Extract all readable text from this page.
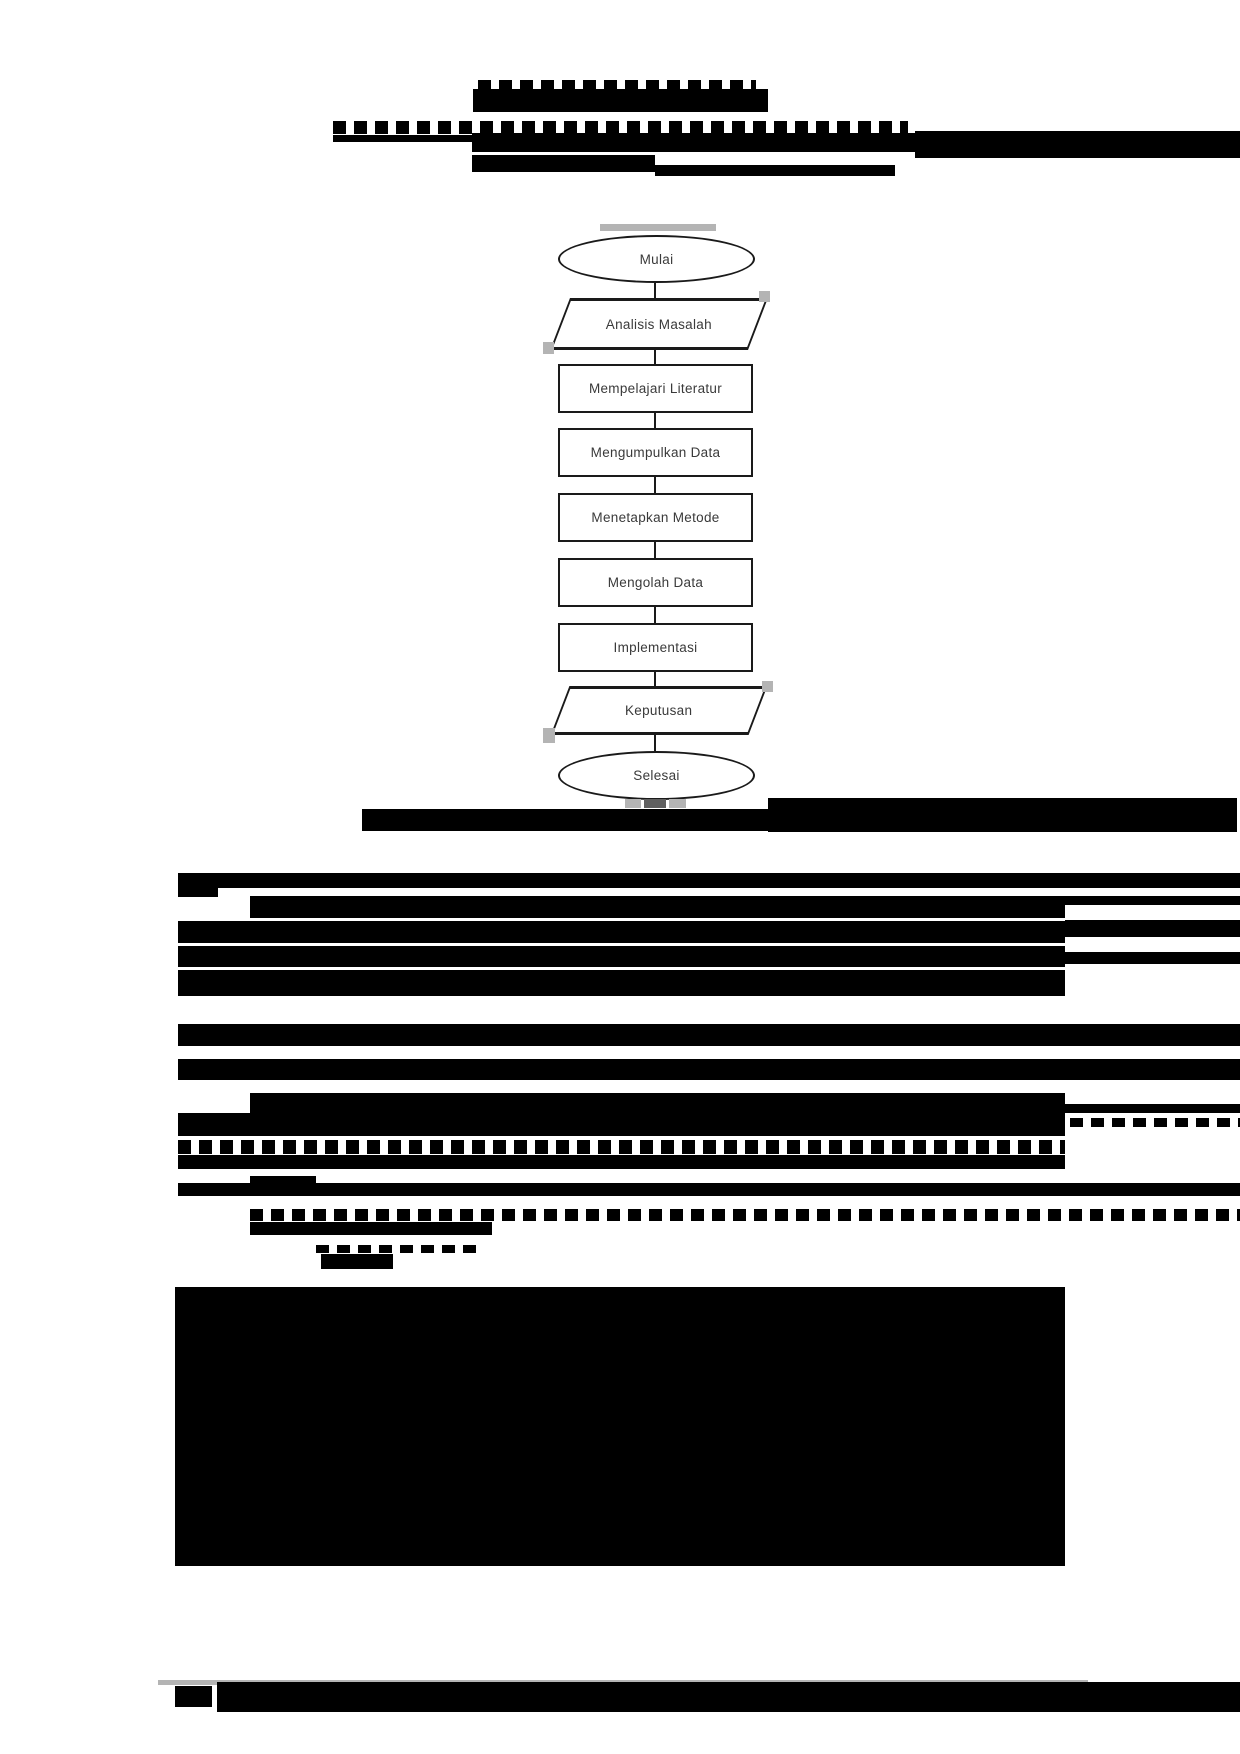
Mulai
Analisis Masalah
Mempelajari Literatur
Mengumpulkan Data
Menetapkan Metode
Mengolah Data
Implementasi
Keputusan
Selesai
